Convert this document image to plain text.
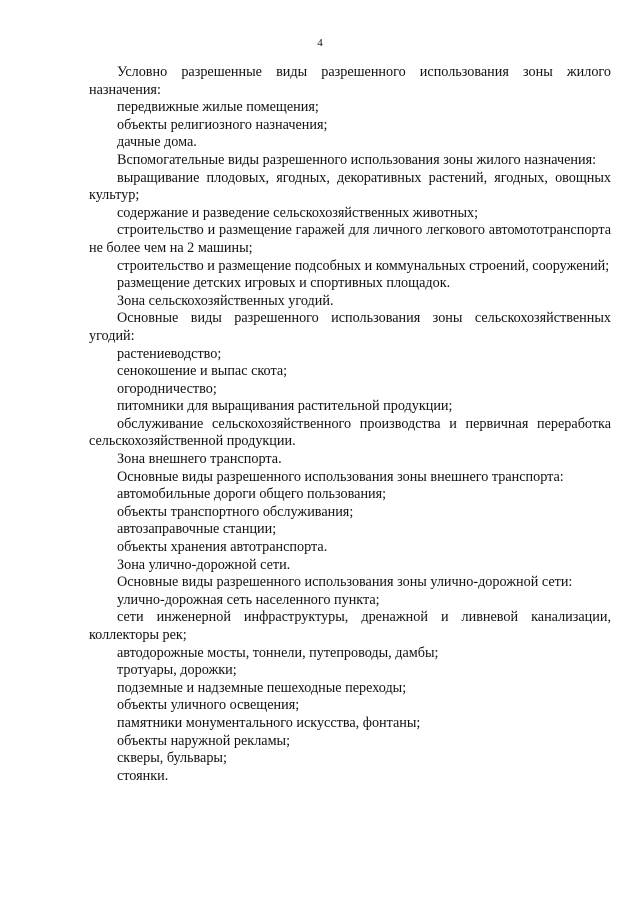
4

Условно разрешенные виды разрешенного использования зоны жилого назначения:

передвижные жилые помещения;

объекты религиозного назначения;

дачные дома.

Вспомогательные виды разрешенного использования зоны жилого назначения:

выращивание плодовых, ягодных, декоративных растений, ягодных, овощных культур;

содержание и разведение сельскохозяйственных животных;

строительство и размещение гаражей для личного легкового автомототранспорта не более чем на 2 машины;

строительство и размещение подсобных и коммунальных строений, сооружений;

размещение детских игровых и спортивных площадок.

Зона сельскохозяйственных угодий.

Основные виды разрешенного использования зоны сельскохозяйственных угодий:

растениеводство;

сенокошение и выпас скота;

огородничество;

питомники для выращивания растительной продукции;

обслуживание сельскохозяйственного производства и первичная переработка сельскохозяйственной продукции.

Зона внешнего транспорта.

Основные виды разрешенного использования зоны внешнего транспорта:

автомобильные дороги общего пользования;

объекты транспортного обслуживания;

автозаправочные станции;

объекты хранения автотранспорта.

Зона улично-дорожной сети.

Основные виды разрешенного использования зоны улично-дорожной сети:

улично-дорожная сеть населенного пункта;

сети инженерной инфраструктуры, дренажной и ливневой канализации, коллекторы рек;

автодорожные мосты, тоннели, путепроводы, дамбы;

тротуары, дорожки;

подземные и надземные пешеходные переходы;

объекты уличного освещения;

памятники монументального искусства, фонтаны;

объекты наружной рекламы;

скверы, бульвары;

стоянки.
